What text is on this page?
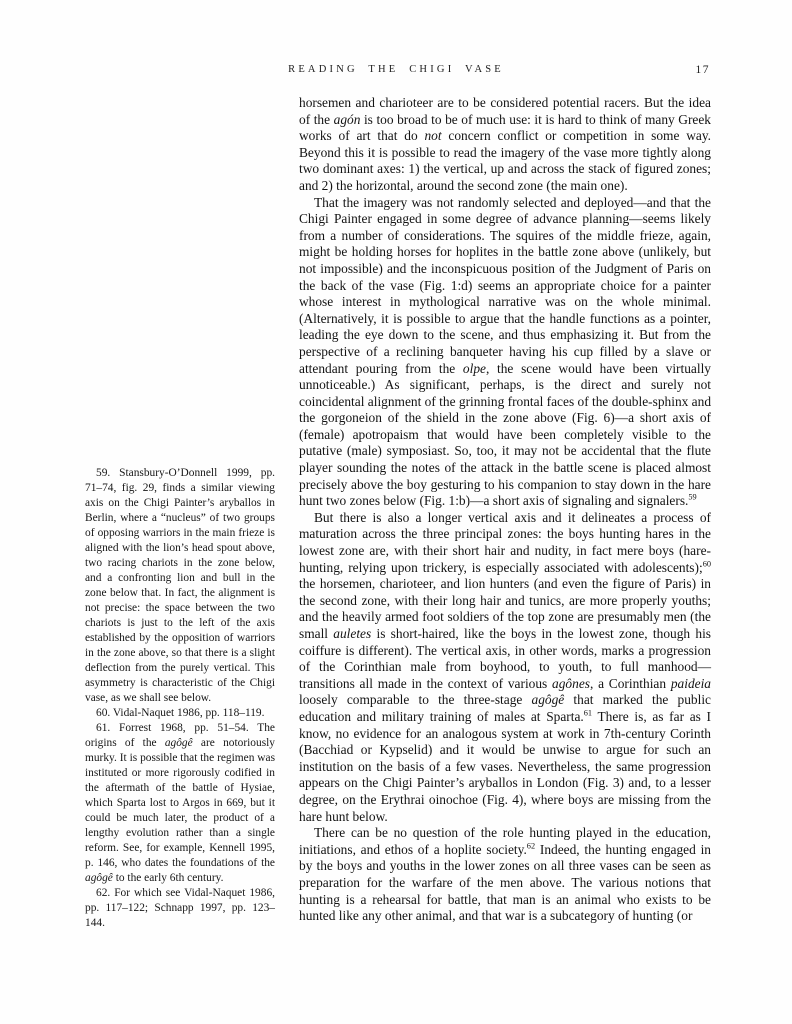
READING THE CHIGI VASE	17

59. Stansbury-O’Donnell 1999, pp. 71–74, fig. 29, finds a similar viewing axis on the Chigi Painter’s aryballos in Berlin, where a “nucleus” of two groups of opposing warriors in the main frieze is aligned with the lion’s head spout above, two racing chariots in the zone below, and a confronting lion and bull in the zone below that. In fact, the alignment is not precise: the space between the two chariots is just to the left of the axis established by the opposition of warriors in the zone above, so that there is a slight deflection from the purely vertical. This asymmetry is characteristic of the Chigi vase, as we shall see below.

60. Vidal-Naquet 1986, pp. 118–119.

61. Forrest 1968, pp. 51–54. The origins of the agôgê are notoriously murky. It is possible that the regimen was instituted or more rigorously codified in the aftermath of the battle of Hysiae, which Sparta lost to Argos in 669, but it could be much later, the product of a lengthy evolution rather than a single reform. See, for example, Kennell 1995, p. 146, who dates the foundations of the agôgê to the early 6th century.

62. For which see Vidal-Naquet 1986, pp. 117–122; Schnapp 1997, pp. 123–144.

horsemen and charioteer are to be considered potential racers. But the idea of the agón is too broad to be of much use: it is hard to think of many Greek works of art that do not concern conflict or competition in some way. Beyond this it is possible to read the imagery of the vase more tightly along two dominant axes: 1) the vertical, up and across the stack of figured zones; and 2) the horizontal, around the second zone (the main one).

That the imagery was not randomly selected and deployed—and that the Chigi Painter engaged in some degree of advance planning—seems likely from a number of considerations. The squires of the middle frieze, again, might be holding horses for hoplites in the battle zone above (unlikely, but not impossible) and the inconspicuous position of the Judgment of Paris on the back of the vase (Fig. 1:d) seems an appropriate choice for a painter whose interest in mythological narrative was on the whole minimal. (Alternatively, it is possible to argue that the handle functions as a pointer, leading the eye down to the scene, and thus emphasizing it. But from the perspective of a reclining banqueter having his cup filled by a slave or attendant pouring from the olpe, the scene would have been virtually unnoticeable.) As significant, perhaps, is the direct and surely not coincidental alignment of the grinning frontal faces of the double-sphinx and the gorgoneion of the shield in the zone above (Fig. 6)—a short axis of (female) apotropaism that would have been completely visible to the putative (male) symposiast. So, too, it may not be accidental that the flute player sounding the notes of the attack in the battle scene is placed almost precisely above the boy gesturing to his companion to stay down in the hare hunt two zones below (Fig. 1:b)—a short axis of signaling and signalers.$^{59}$

But there is also a longer vertical axis and it delineates a process of maturation across the three principal zones: the boys hunting hares in the lowest zone are, with their short hair and nudity, in fact mere boys (hare-hunting, relying upon trickery, is especially associated with adolescents);$^{60}$ the horsemen, charioteer, and lion hunters (and even the figure of Paris) in the second zone, with their long hair and tunics, are more properly youths; and the heavily armed foot soldiers of the top zone are presumably men (the small auletes is short-haired, like the boys in the lowest zone, though his coiffure is different). The vertical axis, in other words, marks a progression of the Corinthian male from boyhood, to youth, to full manhood—transitions all made in the context of various agônes, a Corinthian paideia loosely comparable to the three-stage agôgê that marked the public education and military training of males at Sparta.$^{61}$ There is, as far as I know, no evidence for an analogous system at work in 7th-century Corinth (Bacchiad or Kypselid) and it would be unwise to argue for such an institution on the basis of a few vases. Nevertheless, the same progression appears on the Chigi Painter’s aryballos in London (Fig. 3) and, to a lesser degree, on the Erythrai oinochoe (Fig. 4), where boys are missing from the hare hunt below.

There can be no question of the role hunting played in the education, initiations, and ethos of a hoplite society.$^{62}$ Indeed, the hunting engaged in by the boys and youths in the lower zones on all three vases can be seen as preparation for the warfare of the men above. The various notions that hunting is a rehearsal for battle, that man is an animal who exists to be hunted like any other animal, and that war is a subcategory of hunting (or
